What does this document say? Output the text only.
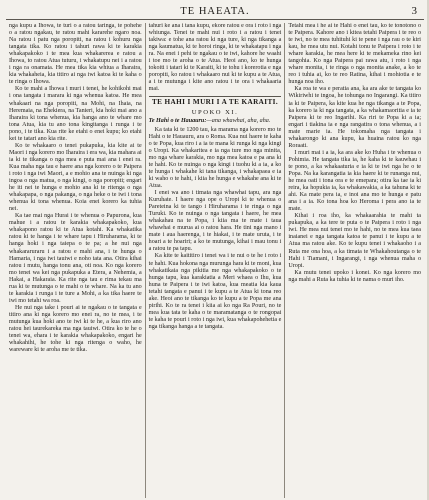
TE HAEATA.	3

nga kupu a Ihowa, te turi o a ratou taringa, te pohehe o a ratou ngakau, te ratou mahi kararehe ngaro noa. Na ratou i patu nga poropiti, na ratou i kohuru nga tangata tika. Ko ratou i tahuri rawa ki te karakia whakapakoko i te mea kua whakarerea e ratou a Ihowa, to ratou Atua tuturu, i whakatupu nei i a ratou i nga ra onamata. He mea tika kia whiua a Iharaira, kia whakaheia, kia titiro ai nga iwi katoa ki te kaha o te ringa o Ihowa.

Ko te mahi a Ihowa i muri i tenei, he kohikohi mai i ona tangata i marara ki nga whenua katoa. He mea whakaari na nga poropiti, na Mohi, na Ihaia, na Heremaia, na Ehekiera, na Tanieri, kia hoki mai ano a Iharaira ki tona whenua, kia hanga ano te whare mo tona Atua, kia tu ano tona kingitanga i runga i te pono, i te tika. Kua rite ke etahi o enei kupu; ko etahi kei te tatari ano kia rite.

Ko te whakaaro o tenei pukapuka, kia kite ai te Maori i nga korero mo Iharaira i era wa, kia mahara ai ia ki te tikanga o nga mea e puta mai ana i enei ra. Kua maha nga tau e haere ana nga korero o te Paipera i roto i nga iwi Maori, a e mohio ana te nuinga ki nga ingoa o nga matua, o nga kingi, o nga poropiti; engari he iti nei te hunga e mohio ana ki te ritenga o nga whakapapa, o nga pakanga, o nga heke o te iwi i tona whenua ki tona whenua. Koia enei korero ka tuhia nei.

Ka tae mai nga Hurai i te whenua o Papurona, kua mahue i a ratou te karakia whakapakoko, kua whakapono ratou ki te Atua kotahi. Ka whakatika ratou ki te hanga i te whare tapu i Hiruharama, ki te hanga hoki i nga taiepa o te pa; a he nui nga whakararuraru i a ratou e mahi ana, i te hunga o Hamaria, i nga iwi tauiwi e noho tata ana. Otira kihai ratou i mutu, hanga tonu ana, oti noa. Ko nga korero mo tenei wa kei nga pukapuka a Etera, a Nehemia, a Hakai, a Hakaraia. Ka rite nga tau e rima tekau ma rua ki te mutunga o te mahi o te whare. Na ka tu ano te karakia i runga i te ture a Mohi, a ka tika haere te iwi mo tetahi wa roa.

He nui nga take i pouri ai te ngakau o te tangata e titiro ana ki nga korero mo enei ra, no te mea, i te mutunga kua hoki ano te iwi ki te he, a kua riro ano ratou hei taurekareka ma nga tauiwi. Otira ko te he o tenei wa, ehara i te karakia whakapakoko, engari he whakahihi, he tohe ki nga ritenga o waho, he wareware ki te aroha me te tika.

tahuri ke ana i tana kupu, ekore ratou e ora i roto i nga whiunga. Tenei te mahi nui i roto i a ratou i tenei takiwa: e tohe ana ratou ki nga ture, ki nga tikanga a nga kaumatua, ki te horoi ringa, ki te whakatapu i nga ra. Na enei i pehi te ngakau o te iwi, kahore he waahi i toe mo te aroha o te Atua. Heoi ano, ko te hunga tokoiti i tatari ki te Karaiti, ki te tohu i korerotia e nga poropiti, ko ratou i whakaaro nui ki te kupu a te Atua, a i te mutunga i kite ano ratou i te ora i whakaaria mai.

TE HAHI I MURI I A TE KARAITI.
UPOKO XI.

Te Hahi o te Hauauru:—ana whawhai, aha, aha.

Ka tata ki te 1200 tau, ka marama nga korero mo te Hahi o te Hauauru, ara o Roma. Kua nui haere te kaha o te Popa, kua riro i a ia te mana ki runga ki nga kingi o Uropi. Ka whakaritea e ia nga ture mo nga minita, mo nga whare karakia, mo nga mea katoa e pa ana ki te hahi. Ko te nuinga o nga kingi i tuohu ki a ia, a ko te hunga i whakahe ki tana tikanga, i whakapaea e ia ki waho o te hahi, i kiia he hunga e whakahe ana ki te Atua.

I enei wa ano i timata nga whawhai tapu, ara nga Kuruhate. I haere nga ope o Uropi ki te whenua o Pareteina ki te tango i Hiruharama i te ringa o nga Turuki. Ko te nuinga o nga tangata i haere, he mea whakahau na te Popa, i kiia ma te mate i taua whawhai e murua ai o ratou hara. He tini nga mano i mate i aua haerenga, i te hiakai, i te mate uruta, i te hoari a te hoariri; a ko te mutunga, kihai i mau tonu i a ratou te pa tapu.

Ka kite te kaititiro i tenei wa i te nui o te he i roto i te hahi. Kua hokona nga murunga hara ki te moni, kua whakatikaia nga pikitia me nga whakapakoko o te hunga tapu, kua karakiatia a Meri whaea o Ihu, kua huna te Paipera i te iwi katoa, kua meatia kia kaua tetahi tangata e panui i te kupu a te Atua ki tona reo ake. Heoi ano te tikanga ko te kupu a te Popa me ana pirihi. Ko te ra tenei i kiia ai ko nga Ra Pouri, no te mea kua tata te kaha o te maramatanga o te rongopai te kaha te pouri i roto i nga iwi, kua whakapohehetia e nga tikanga hanga a te tangata.

Tetahi mea i he ai te Hahi o enei tau, ko te tonotono o te Paipera. Kahore ano i kitea tetahi Paipera i te reo o te iwi, no te mea tuhituhi ki te pene i nga rau o te kiri kau, he mea utu nui. Kotahi tonu te Paipera i roto i te whare karakia, he mea here ki te mekameka rino kei tangohia. Ko nga Paipera pai rawa atu, i roto i nga whare monita, i te ringa o nga monita anake, a ko te reo i tuhia ai, ko te reo Ratina, kihai i mohiotia e te hunga noa iho.

Ka roa te wa e peratia ana, ka ara ake te tangata ko Wikiriwhi te ingoa, he tohunga no Ingarangi. Ka titiro ia ki te Paipera, ka kite kua he nga tikanga a te Popa, ka korero ia ki nga tangata, a ka whakamaoritia e ia te Paipera ki te reo Ingarihi. Ka riri te Popa ki a ia; engari i tiakina ia e nga rangatira o tona whenua, a i mate marie ia. He tokomaha nga tangata i whakarongo ki ana kupu, ka huaina ratou ko nga Roraati.

I muri mai i a ia, ka ara ake ko Huha i te whenua o Pohimia. He tangata tika ia, he kaha ki te kauwhau i te pono, a ka whakaaturia e ia ki te iwi nga he o te Popa. Na ka karangatia ia kia haere ki te runanga nui, he mea oati i tona ora e te emepara; otira ka tae ia ki reira, ka hopukia ia, ka whakawakia, a ka tahuna ki te ahi. Ka mate pera ia, e inoi ana mo te hunga e patu ana i a ia. Ko tona hoa ko Heroma i pera ano ia te mate.

Kihai i roa iho, ka whakaarahia te mahi ta pukapuka, a ka tere te puta o te Paipera i roto i nga iwi. He mea nui tenei mo te hahi, no te mea kua taea inaianei e nga tangata katoa te panui i te kupu a te Atua ma ratou ake. Ko te kupu tenei i whakaoho i a Ruta me ona hoa, a ka timata te Whakahoutanga o te Hahi i Tiamani, i Ingarangi, i nga whenua maha o Uropi.

Ka mutu tenei upoko i konei. Ko nga korero mo nga mahi a Ruta ka tuhia ki te nama o muri iho.
